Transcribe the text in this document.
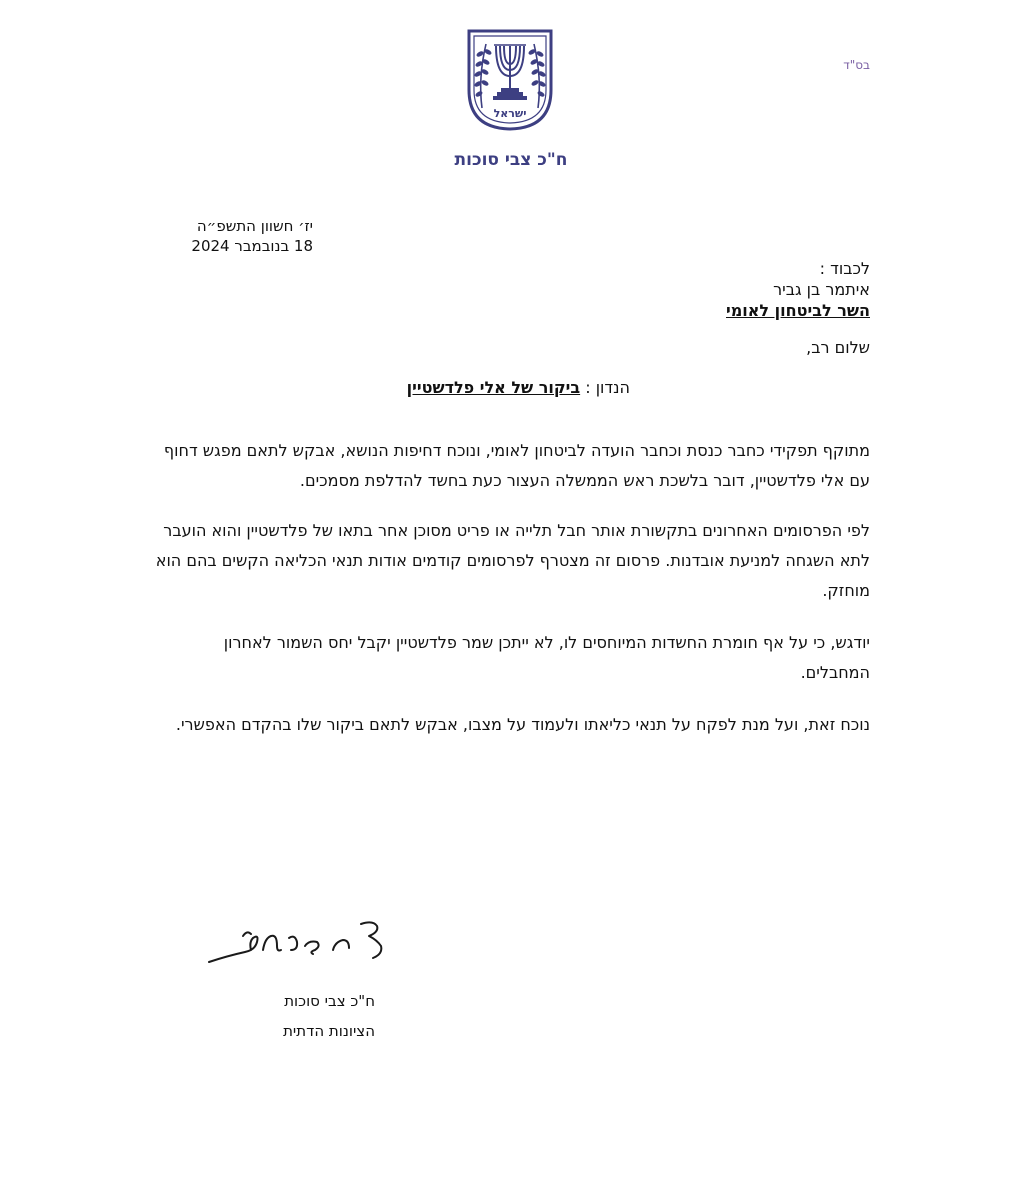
בס"ד
ישראל
ח"כ צבי סוכות
יז׳ חשוון התשפ״ה
18 בנובמבר 2024
לכבוד :
איתמר בן גביר
השר לביטחון לאומי
שלום רב,
הנדון : ביקור של אלי פלדשטיין

מתוקף תפקידי כחבר כנסת וכחבר הועדה לביטחון לאומי, ונוכח דחיפות הנושא, אבקש לתאם מפגש דחוף עם אלי פלדשטיין, דובר בלשכת ראש הממשלה העצור כעת בחשד להדלפת מסמכים.

לפי הפרסומים האחרונים בתקשורת אותר חבל תלייה או פריט מסוכן אחר בתאו של פלדשטיין והוא הועבר לתא השגחה למניעת אובדנות. פרסום זה מצטרף לפרסומים קודמים אודות תנאי הכליאה הקשים בהם הוא מוחזק.

יודגש, כי על אף חומרת החשדות המיוחסים לו, לא ייתכן שמר פלדשטיין יקבל יחס השמור לאחרון המחבלים.

נוכח זאת, ועל מנת לפקח על תנאי כליאתו ולעמוד על מצבו, אבקש לתאם ביקור שלו בהקדם האפשרי.

ח"כ צבי סוכות
הציונות הדתית
